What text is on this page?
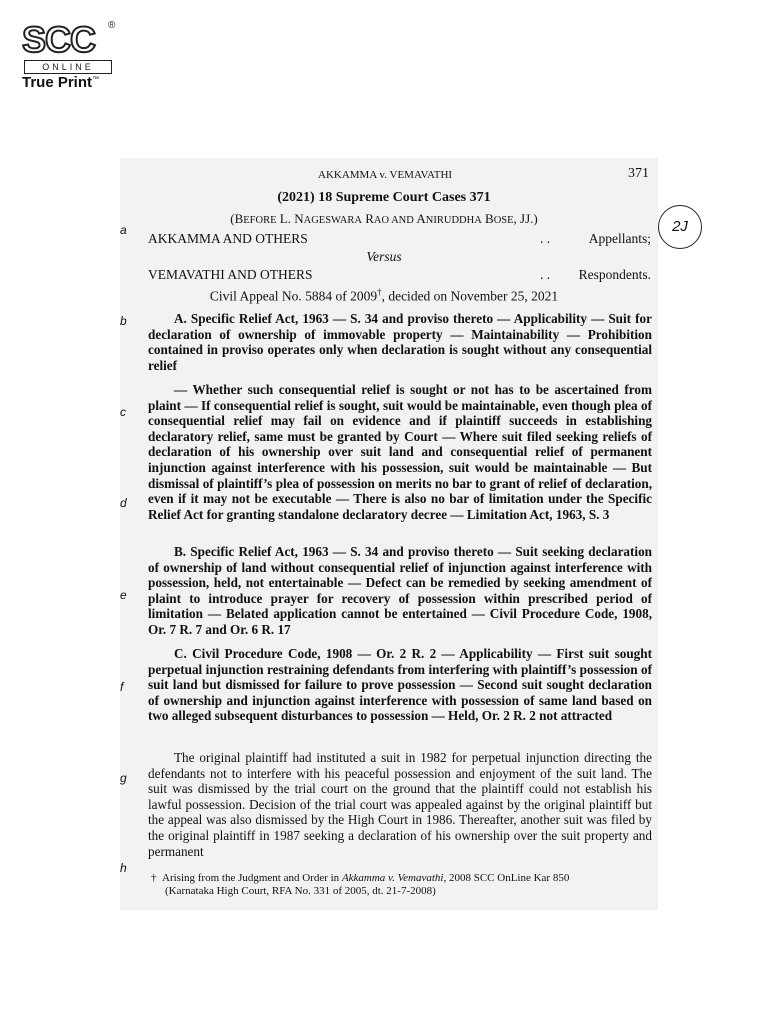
SCC ®
ONLINE
True Print™
AKKAMMA v. VEMAVATHI	371
(2021) 18 Supreme Court Cases 371
(BEFORE L. NAGESWARA RAO AND ANIRUDDHA BOSE, JJ.)	2J
AKKAMMA AND OTHERS	. .	Appellants;
Versus
VEMAVATHI AND OTHERS	. . Respondents.
Civil Appeal No. 5884 of 2009†, decided on November 25, 2021
a
b
c
d
e
f
g
h
A. Specific Relief Act, 1963 — S. 34 and proviso thereto — Applicability — Suit for declaration of ownership of immovable property — Maintainability — Prohibition contained in proviso operates only when declaration is sought without any consequential relief
— Whether such consequential relief is sought or not has to be ascertained from plaint — If consequential relief is sought, suit would be maintainable, even though plea of consequential relief may fail on evidence and if plaintiff succeeds in establishing declaratory relief, same must be granted by Court — Where suit filed seeking reliefs of declaration of his ownership over suit land and consequential relief of permanent injunction against interference with his possession, suit would be maintainable — But dismissal of plaintiff’s plea of possession on merits no bar to grant of relief of declaration, even if it may not be executable — There is also no bar of limitation under the Specific Relief Act for granting standalone declaratory decree — Limitation Act, 1963, S. 3
B. Specific Relief Act, 1963 — S. 34 and proviso thereto — Suit seeking declaration of ownership of land without consequential relief of injunction against interference with possession, held, not entertainable — Defect can be remedied by seeking amendment of plaint to introduce prayer for recovery of possession within prescribed period of limitation — Belated application cannot be entertained — Civil Procedure Code, 1908, Or. 7 R. 7 and Or. 6 R. 17
C. Civil Procedure Code, 1908 — Or. 2 R. 2 — Applicability — First suit sought perpetual injunction restraining defendants from interfering with plaintiff’s possession of suit land but dismissed for failure to prove possession — Second suit sought declaration of ownership and injunction against interference with possession of same land based on two alleged subsequent disturbances to possession — Held, Or. 2 R. 2 not attracted
The original plaintiff had instituted a suit in 1982 for perpetual injunction directing the defendants not to interfere with his peaceful possession and enjoyment of the suit land. The suit was dismissed by the trial court on the ground that the plaintiff could not establish his lawful possession. Decision of the trial court was appealed against by the original plaintiff but the appeal was also dismissed by the High Court in 1986. Thereafter, another suit was filed by the original plaintiff in 1987 seeking a declaration of his ownership over the suit property and permanent
† Arising from the Judgment and Order in Akkamma v. Vemavathi, 2008 SCC OnLine Kar 850
(Karnataka High Court, RFA No. 331 of 2005, dt. 21-7-2008)
